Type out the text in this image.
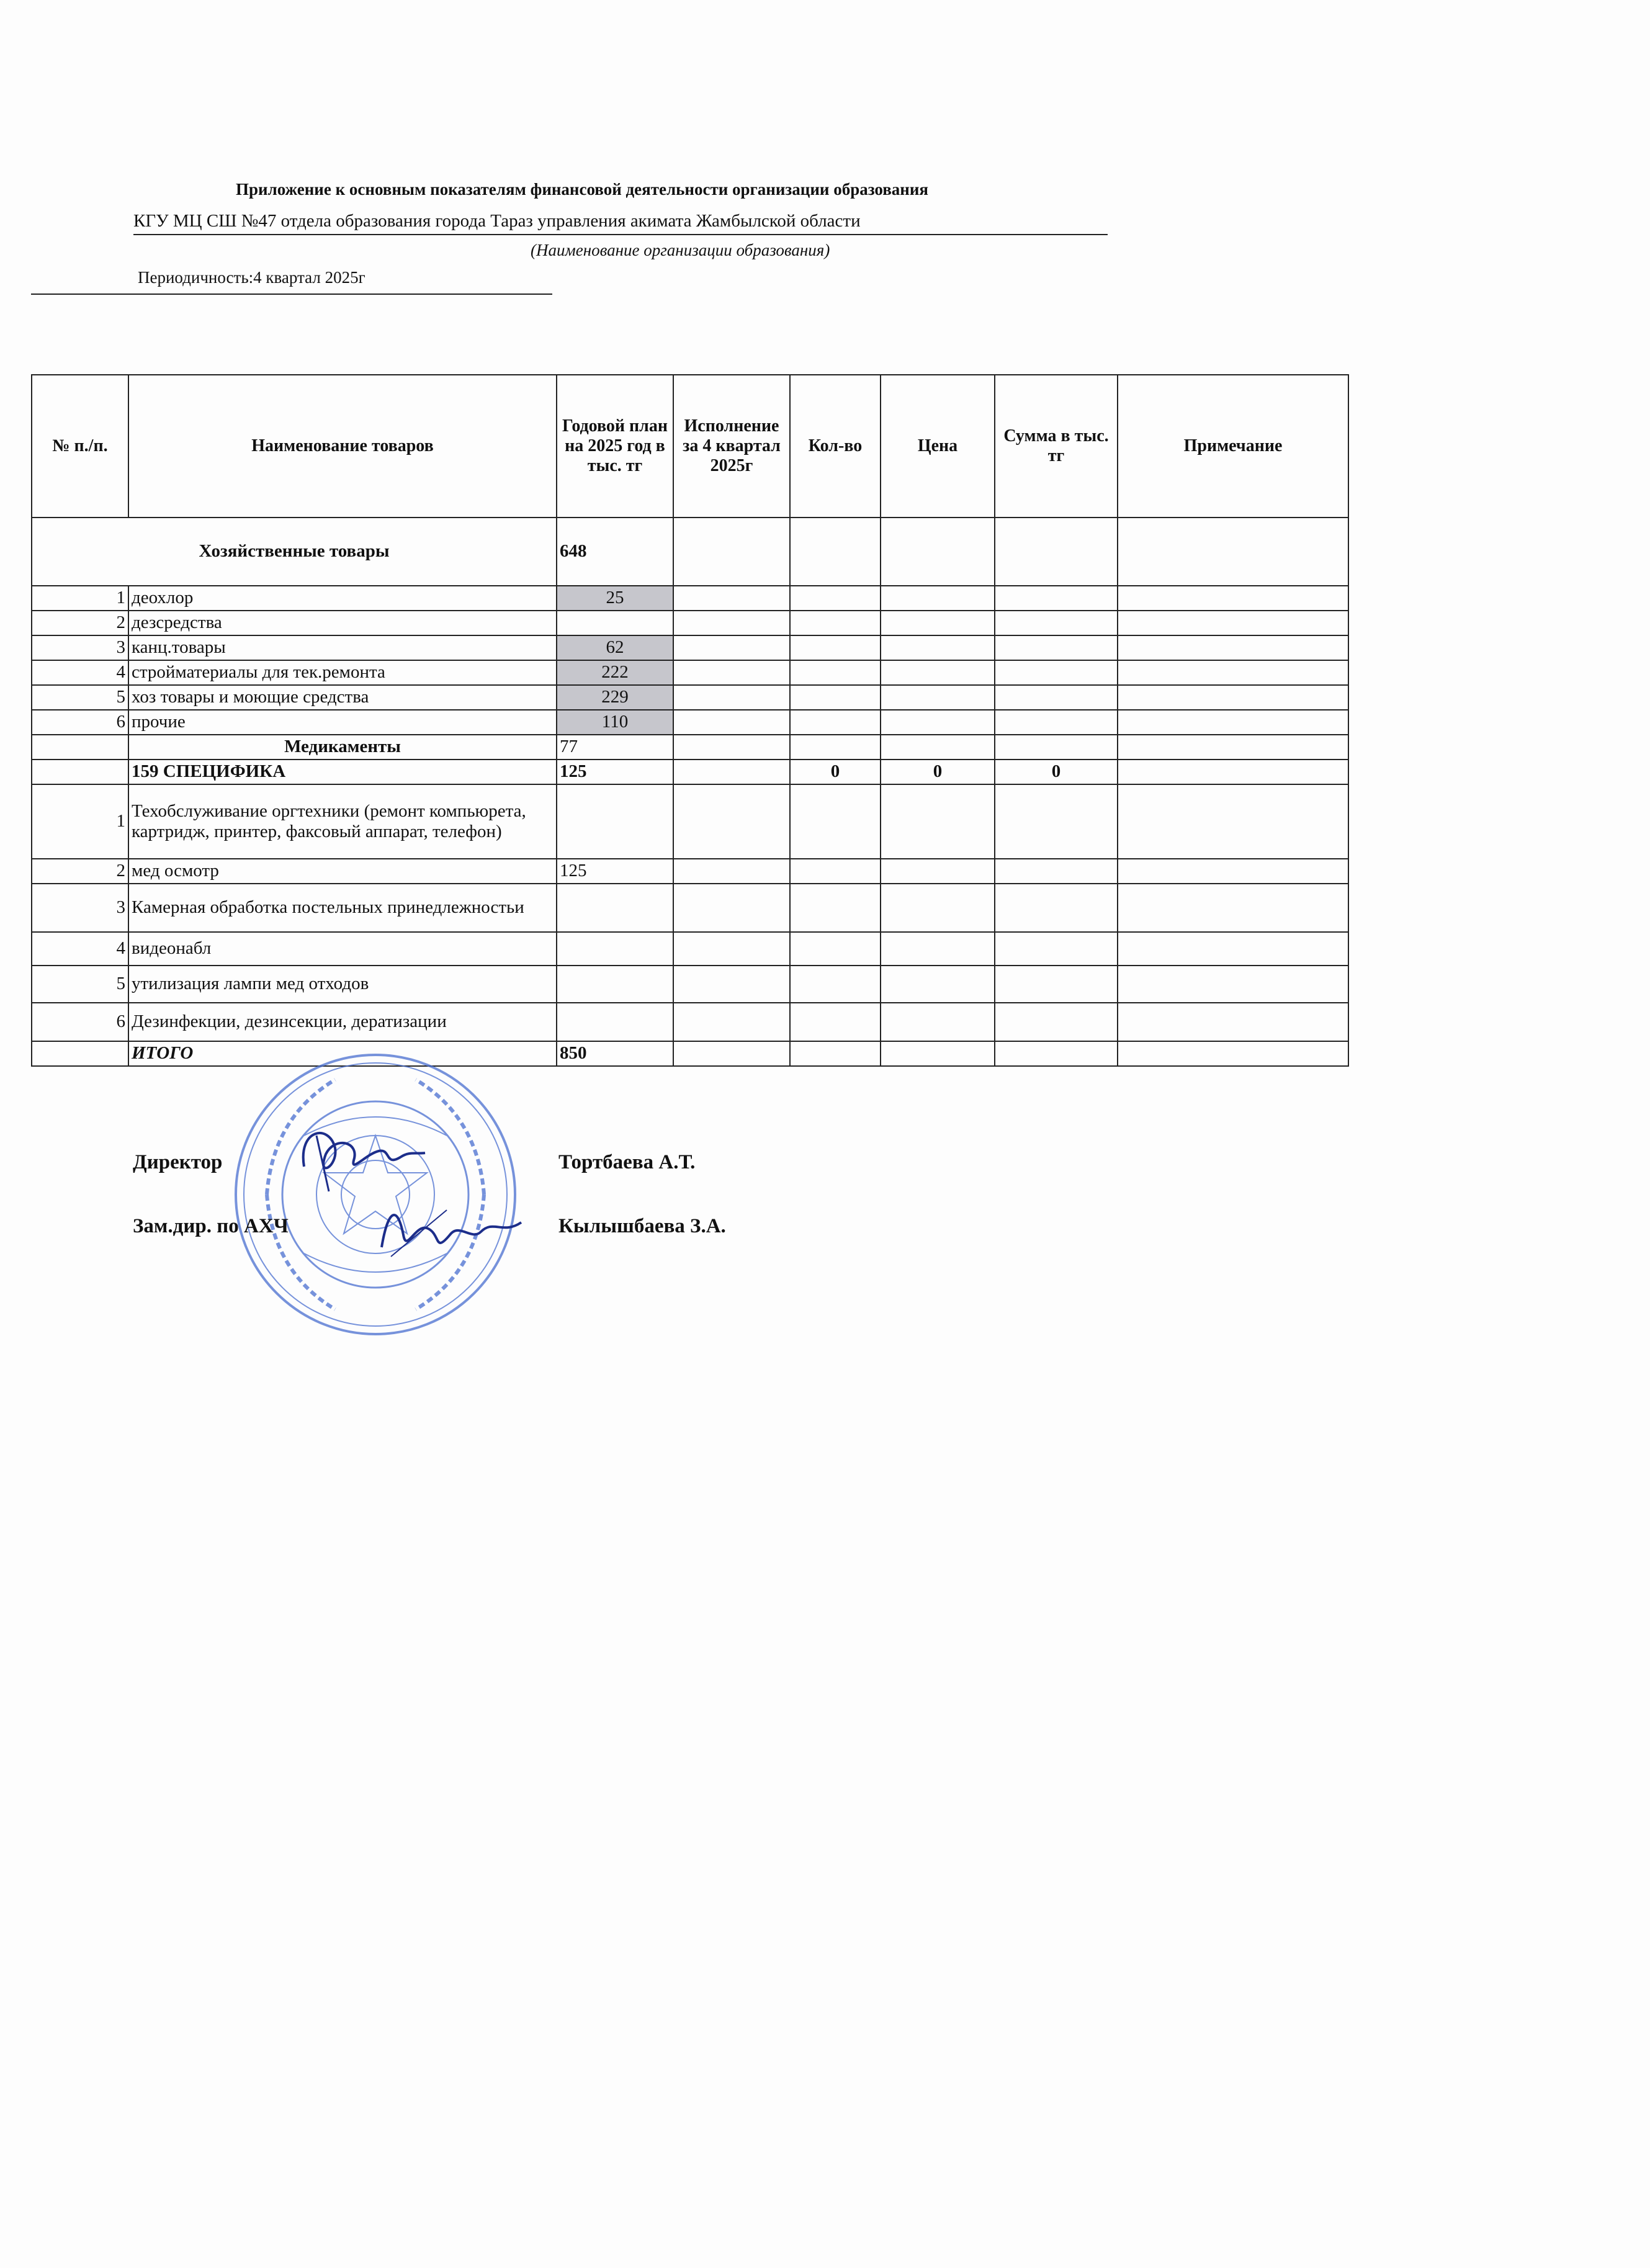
Приложение к основным показателям финансовой деятельности организации образования
КГУ МЦ СШ №47 отдела образования города Тараз управления акимата Жамбылской области
(Наименование организации образования)
Периодичность:4 квартал 2025г
№ п./п.	Наименование товаров	Годовой план на 2025 год в тыс. тг	Исполнение за 4 квартал 2025г	Кол-во	Цена	Сумма в тыс. тг	Примечание
Хозяйственные товары		648					
1	деохлор	25					
2	дезсредства						
3	канц.товары	62					
4	стройматериалы для тек.ремонта	222					
5	хоз товары и моющие средства	229					
6	прочие	110					
	Медикаменты	77					
	159 СПЕЦИФИКА	125		0	0	0	
1	Техобслуживание оргтехники (ремонт компьюрета, картридж, принтер, факсовый аппарат, телефон)						
2	мед осмотр	125					
3	Камерная обработка постельных принедлежностьи						
4	видеонабл						
5	утилизация лампи мед отходов						
6	Дезинфекции, дезинсекции, дератизации						
	ИТОГО	850					
Директор	Тортбаева А.Т.
Зам.дир. по АХЧ	Кылышбаева З.А.
